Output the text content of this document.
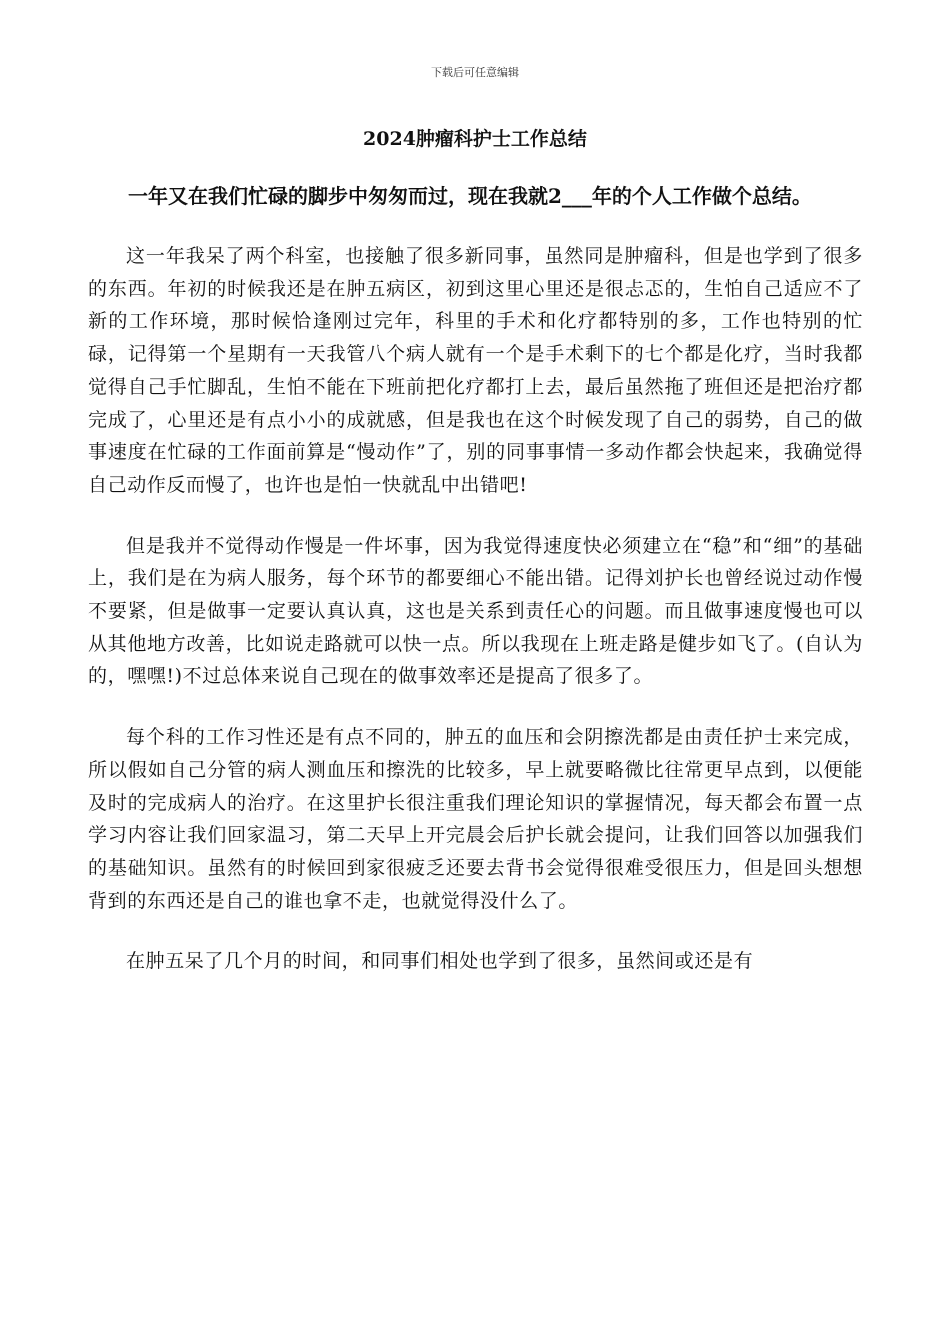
下载后可任意编辑
2024肿瘤科护士工作总结

一年又在我们忙碌的脚步中匆匆而过，现在我就2___年的个人工作做个总结。

这一年我呆了两个科室，也接触了很多新同事，虽然同是肿瘤科，但是也学到了很多的东西。年初的时候我还是在肿五病区，初到这里心里还是很忐忑的，生怕自己适应不了新的工作环境，那时候恰逢刚过完年，科里的手术和化疗都特别的多，工作也特别的忙碌，记得第一个星期有一天我管八个病人就有一个是手术剩下的七个都是化疗，当时我都觉得自己手忙脚乱，生怕不能在下班前把化疗都打上去，最后虽然拖了班但还是把治疗都完成了，心里还是有点小小的成就感，但是我也在这个时候发现了自己的弱势，自己的做事速度在忙碌的工作面前算是“慢动作”了，别的同事事情一多动作都会快起来，我确觉得自己动作反而慢了，也许也是怕一快就乱中出错吧!

但是我并不觉得动作慢是一件坏事，因为我觉得速度快必须建立在“稳”和“细”的基础上，我们是在为病人服务，每个环节的都要细心不能出错。记得刘护长也曾经说过动作慢不要紧，但是做事一定要认真认真，这也是关系到责任心的问题。而且做事速度慢也可以从其他地方改善，比如说走路就可以快一点。所以我现在上班走路是健步如飞了。(自认为的，嘿嘿!)不过总体来说自己现在的做事效率还是提高了很多了。

每个科的工作习性还是有点不同的，肿五的血压和会阴擦洗都是由责任护士来完成，所以假如自己分管的病人测血压和擦洗的比较多，早上就要略微比往常更早点到，以便能及时的完成病人的治疗。在这里护长很注重我们理论知识的掌握情况，每天都会布置一点学习内容让我们回家温习，第二天早上开完晨会后护长就会提问，让我们回答以加强我们的基础知识。虽然有的时候回到家很疲乏还要去背书会觉得很难受很压力，但是回头想想背到的东西还是自己的谁也拿不走，也就觉得没什么了。

在肿五呆了几个月的时间，和同事们相处也学到了很多，虽然间或还是有
